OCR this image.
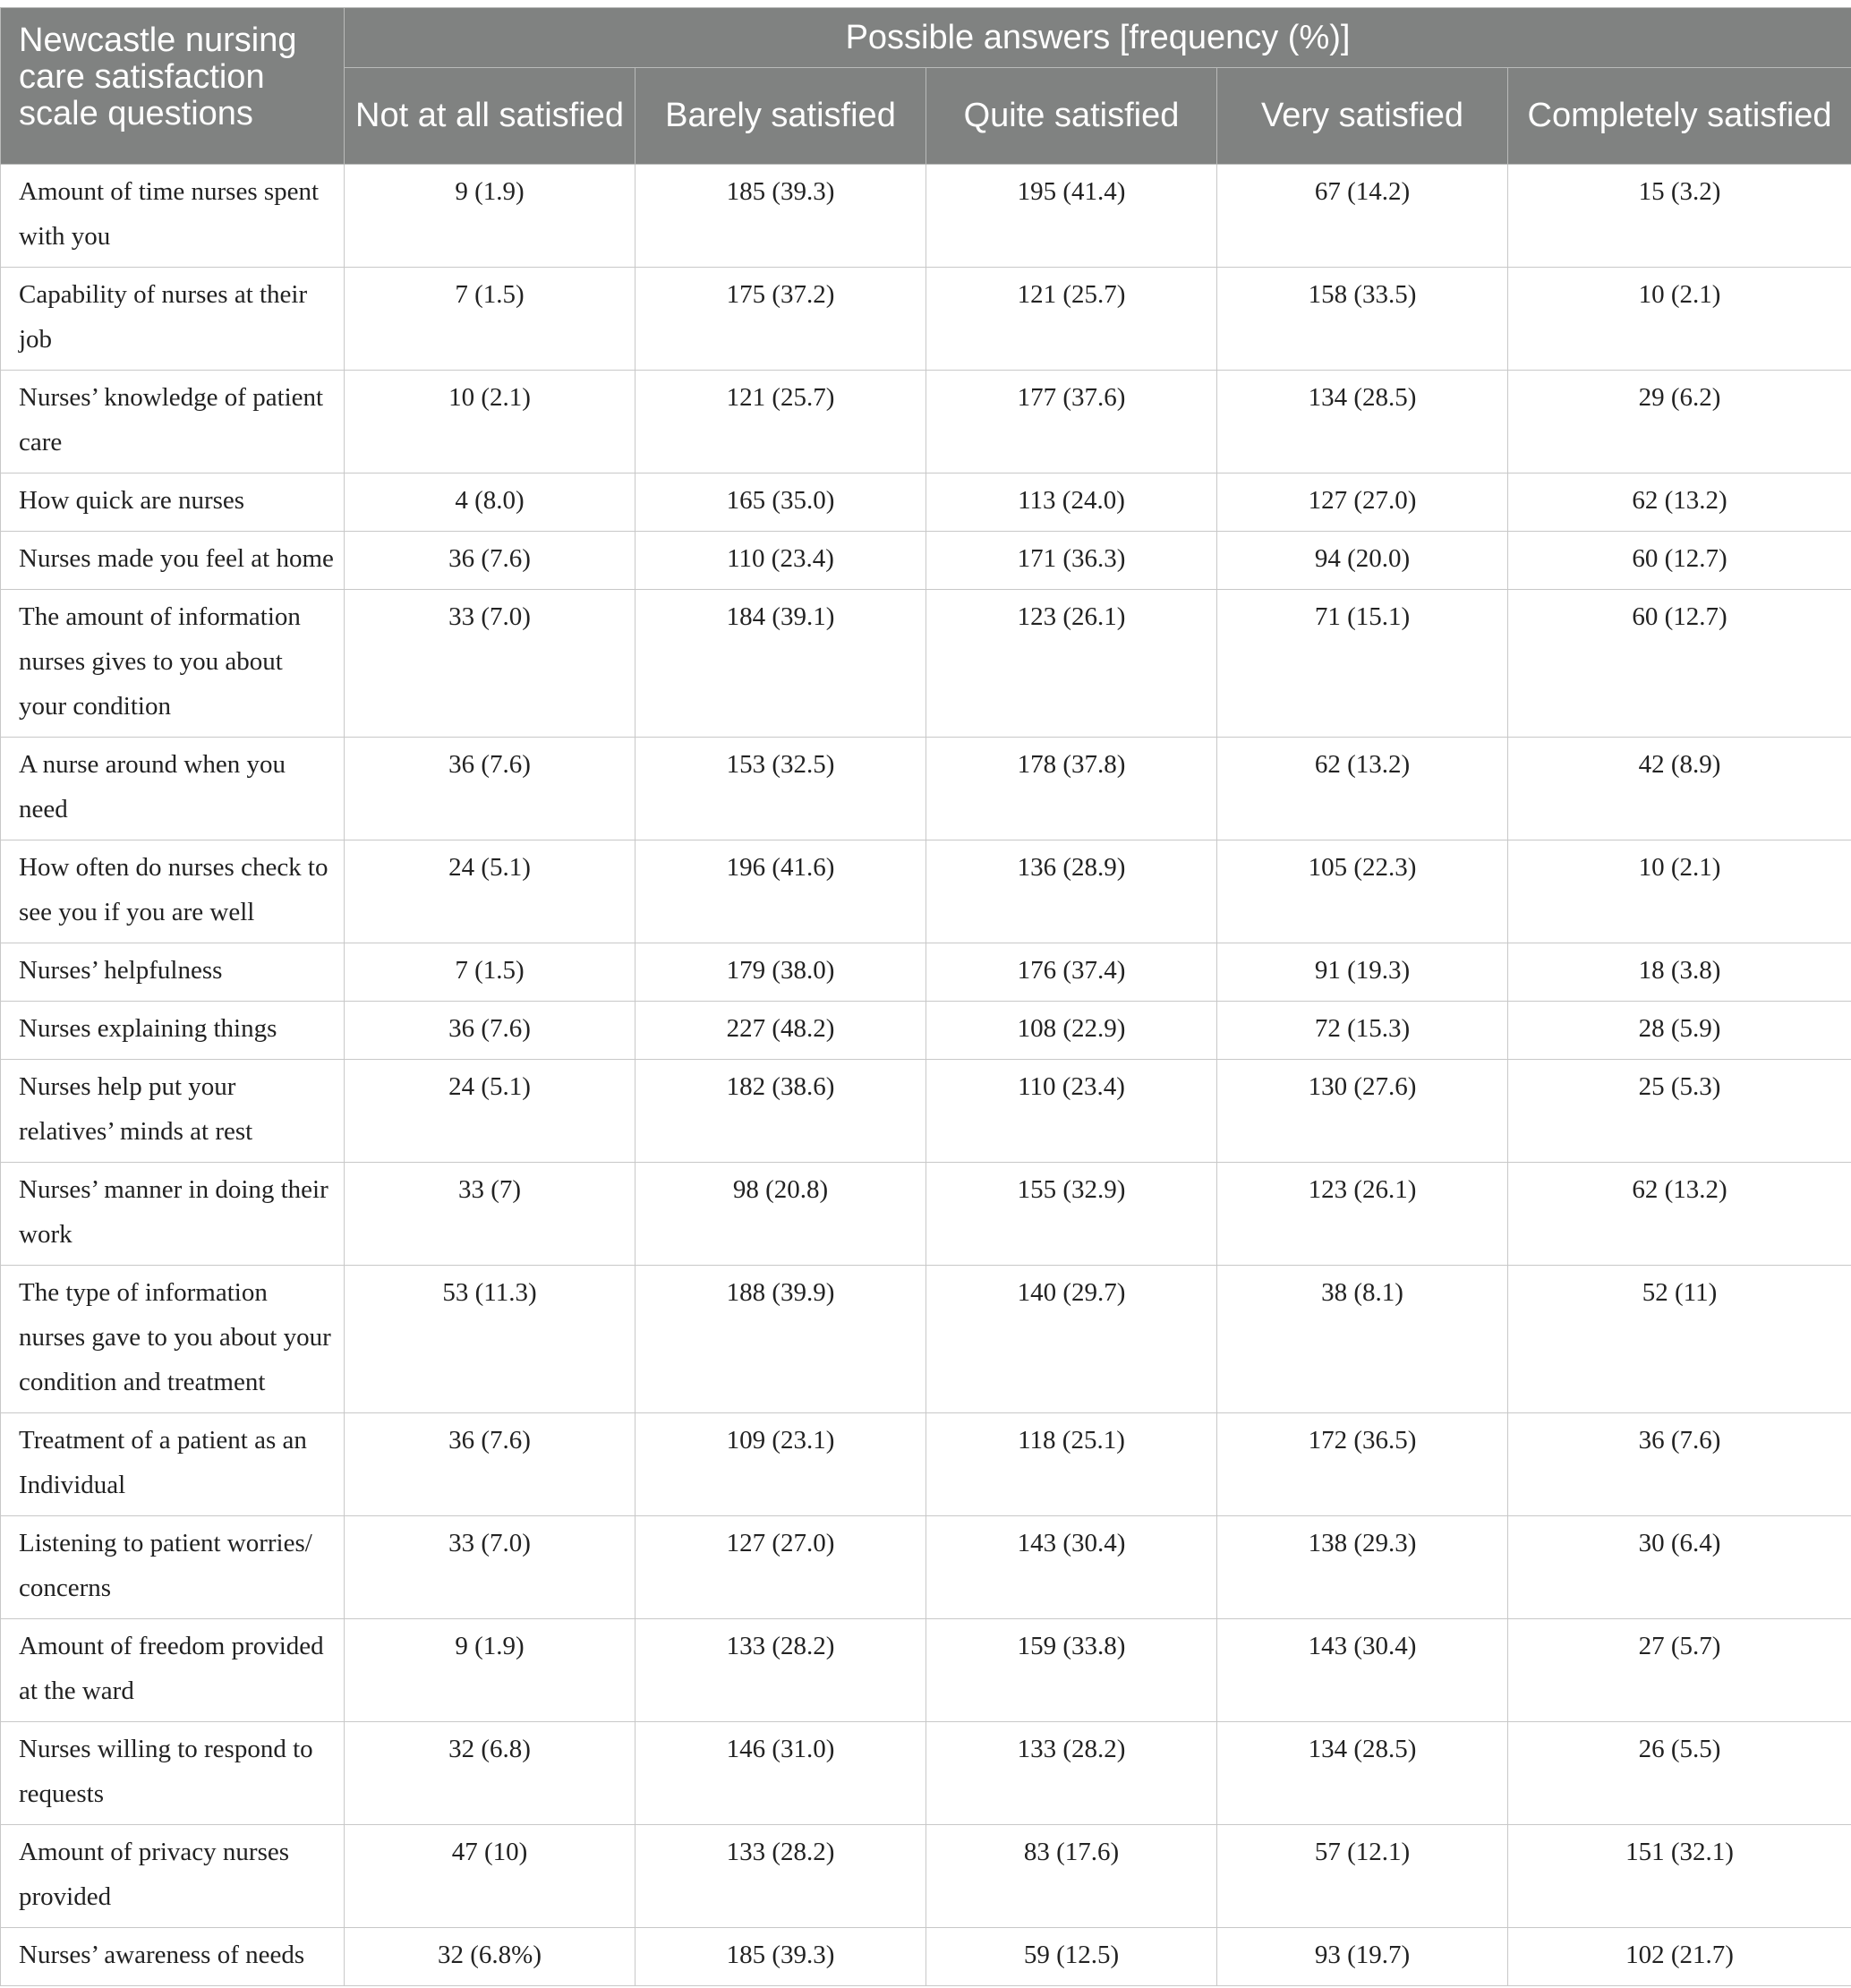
Newcastle nursing care satisfaction scale questions	Possible answers [frequency (%)]				
	Not at all satisfied	Barely satisfied	Quite satisfied	Very satisfied	Completely satisfied
Amount of time nurses spent with you	9 (1.9)	185 (39.3)	195 (41.4)	67 (14.2)	15 (3.2)
Capability of nurses at their job	7 (1.5)	175 (37.2)	121 (25.7)	158 (33.5)	10 (2.1)
Nurses’ knowledge of patient care	10 (2.1)	121 (25.7)	177 (37.6)	134 (28.5)	29 (6.2)
How quick are nurses	4 (8.0)	165 (35.0)	113 (24.0)	127 (27.0)	62 (13.2)
Nurses made you feel at home	36 (7.6)	110 (23.4)	171 (36.3)	94 (20.0)	60 (12.7)
The amount of information nurses gives to you about your condition	33 (7.0)	184 (39.1)	123 (26.1)	71 (15.1)	60 (12.7)
A nurse around when you need	36 (7.6)	153 (32.5)	178 (37.8)	62 (13.2)	42 (8.9)
How often do nurses check to see you if you are well	24 (5.1)	196 (41.6)	136 (28.9)	105 (22.3)	10 (2.1)
Nurses’ helpfulness	7 (1.5)	179 (38.0)	176 (37.4)	91 (19.3)	18 (3.8)
Nurses explaining things	36 (7.6)	227 (48.2)	108 (22.9)	72 (15.3)	28 (5.9)
Nurses help put your relatives’ minds at rest	24 (5.1)	182 (38.6)	110 (23.4)	130 (27.6)	25 (5.3)
Nurses’ manner in doing their work	33 (7)	98 (20.8)	155 (32.9)	123 (26.1)	62 (13.2)
The type of information nurses gave to you about your condition and treatment	53 (11.3)	188 (39.9)	140 (29.7)	38 (8.1)	52 (11)
Treatment of a patient as an Individual	36 (7.6)	109 (23.1)	118 (25.1)	172 (36.5)	36 (7.6)
Listening to patient worries/ concerns	33 (7.0)	127 (27.0)	143 (30.4)	138 (29.3)	30 (6.4)
Amount of freedom provided at the ward	9 (1.9)	133 (28.2)	159 (33.8)	143 (30.4)	27 (5.7)
Nurses willing to respond to requests	32 (6.8)	146 (31.0)	133 (28.2)	134 (28.5)	26 (5.5)
Amount of privacy nurses provided	47 (10)	133 (28.2)	83 (17.6)	57 (12.1)	151 (32.1)
Nurses’ awareness of needs	32 (6.8%)	185 (39.3)	59 (12.5)	93 (19.7)	102 (21.7)
